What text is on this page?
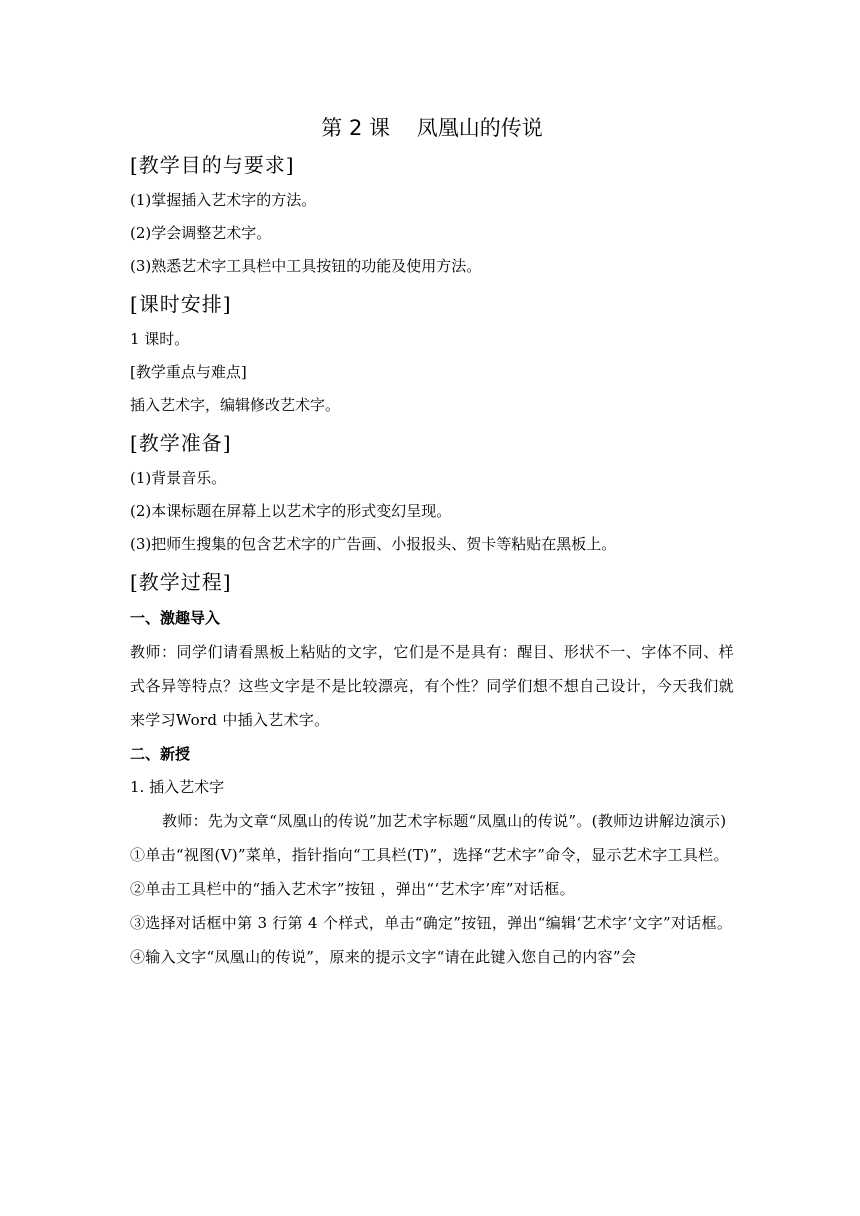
第 2 课    凤凰山的传说
[教学目的与要求]

(1)掌握插入艺术字的方法。

(2)学会调整艺术字。

(3)熟悉艺术字工具栏中工具按钮的功能及使用方法。

[课时安排]

1 课时。

[教学重点与难点]

插入艺术字，编辑修改艺术字。

[教学准备]

(1)背景音乐。

(2)本课标题在屏幕上以艺术字的形式变幻呈现。

(3)把师生搜集的包含艺术字的广告画、小报报头、贺卡等粘贴在黑板上。

[教学过程]

一、激趣导入

教师：同学们请看黑板上粘贴的文字，它们是不是具有：醒目、形状不一、字体不同、样式各异等特点？这些文字是不是比较漂亮，有个性？同学们想不想自己设计，今天我们就来学习Word 中插入艺术字。

二、新授

1. 插入艺术字

教师：先为文章“凤凰山的传说”加艺术字标题“凤凰山的传说”。(教师边讲解边演示)

①单击“视图(V)”菜单，指针指向“工具栏(T)”，选择“艺术字”命令，显示艺术字工具栏。

②单击工具栏中的“插入艺术字”按钮 ，弹出“‘艺术字’库”对话框。

③选择对话框中第 3 行第 4 个样式，单击“确定”按钮，弹出“编辑‘艺术字’文字”对话框。

④输入文字“凤凰山的传说”，原来的提示文字“请在此键入您自己的内容”会
